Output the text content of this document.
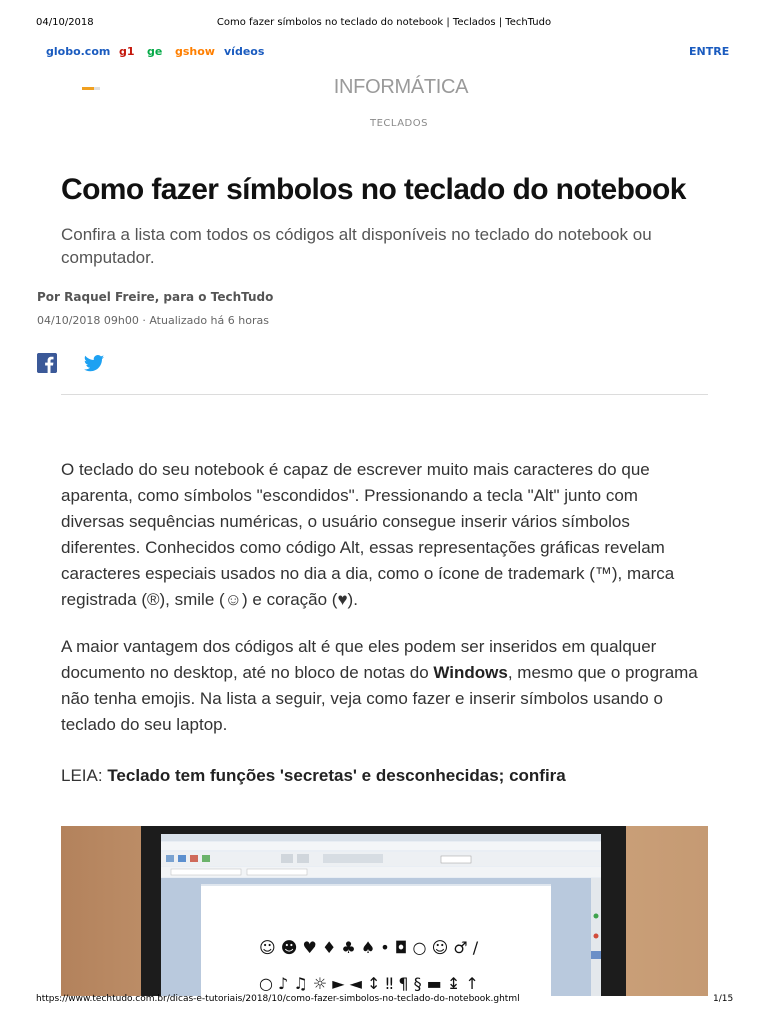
04/10/2018	Como fazer símbolos no teclado do notebook | Teclados | TechTudo
globo.com g1 ge gshow vídeos	ENTRE
INFORMÁTICA
TECLADOS
Como fazer símbolos no teclado do notebook

Confira a lista com todos os códigos alt disponíveis no teclado do notebook ou computador.

Por Raquel Freire, para o TechTudo
04/10/2018 09h00 · Atualizado há 6 horas

O teclado do seu notebook é capaz de escrever muito mais caracteres do que aparenta, como símbolos "escondidos". Pressionando a tecla "Alt" junto com diversas sequências numéricas, o usuário consegue inserir vários símbolos diferentes. Conhecidos como código Alt, essas representações gráficas revelam caracteres especiais usados no dia a dia, como o ícone de trademark (™), marca registrada (®), smile (☺) e coração (♥).

A maior vantagem dos códigos alt é que eles podem ser inseridos em qualquer documento no desktop, até no bloco de notas do Windows, mesmo que o programa não tenha emojis. Na lista a seguir, veja como fazer e inserir símbolos usando o teclado do seu laptop.

LEIA: Teclado tem funções 'secretas' e desconhecidas; confira

☺ ☻ ♥ ♦ ♣ ♠ • ◘ ○ ☺ ♂ /
○ ♪ ♫ ☼ ► ◄ ↕ ‼ ¶ § ▬ ↨ ↑
https://www.techtudo.com.br/dicas-e-tutoriais/2018/10/como-fazer-simbolos-no-teclado-do-notebook.ghtml	1/15
